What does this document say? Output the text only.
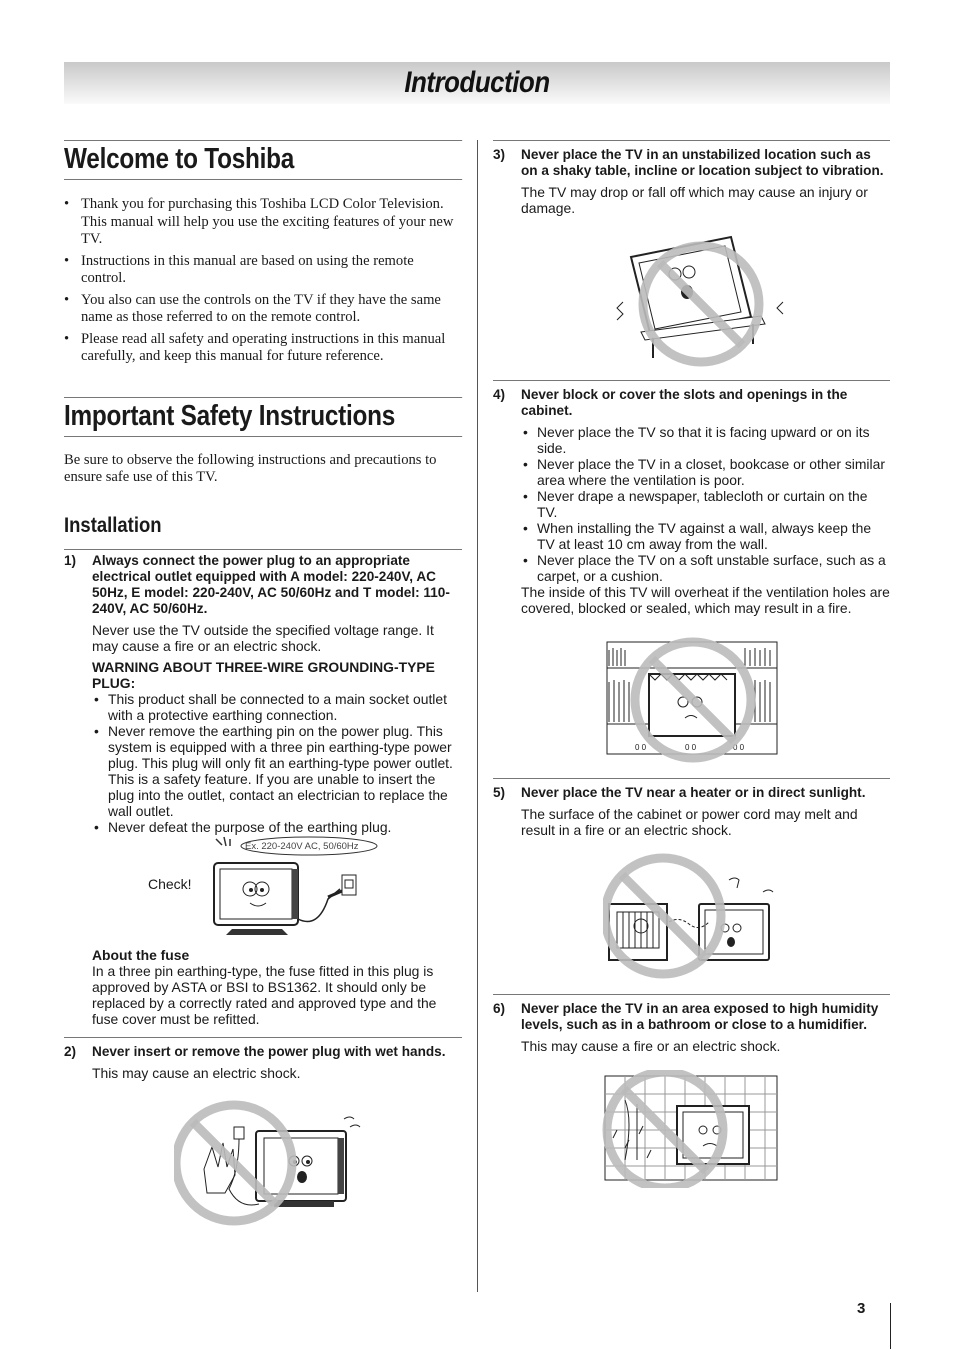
Introduction
Welcome to Toshiba
• Thank you for purchasing this Toshiba LCD Color Television. This manual will help you use the exciting features of your new TV.
• Instructions in this manual are based on using the remote control.
• You also can use the controls on the TV if they have the same name as those referred to on the remote control.
• Please read all safety and operating instructions in this manual carefully, and keep this manual for future reference.
Important Safety Instructions

Be sure to observe the following instructions and precautions to ensure safe use of this TV.

Installation
1) Always connect the power plug to an appropriate electrical outlet equipped with A model: 220-240V, AC 50Hz, E model: 220-240V, AC 50/60Hz and T model: 110-240V, AC 50/60Hz.
Never use the TV outside the specified voltage range. It may cause a fire or an electric shock.
WARNING ABOUT THREE-WIRE GROUNDING-TYPE PLUG:
• This product shall be connected to a main socket outlet with a protective earthing connection.
• Never remove the earthing pin on the power plug. This system is equipped with a three pin earthing-type power plug. This plug will only fit an earthing-type power outlet. This is a safety feature. If you are unable to insert the plug into the outlet, contact an electrician to replace the wall outlet.
• Never defeat the purpose of the earthing plug.
Check!
Ex. 220-240V AC, 50/60Hz
About the fuse
In a three pin earthing-type, the fuse fitted in this plug is approved by ASTA or BSI to BS1362. It should only be replaced by a correctly rated and approved type and the fuse cover must be refitted.
2) Never insert or remove the power plug with wet hands.
This may cause an electric shock.
3) Never place the TV in an unstabilized location such as on a shaky table, incline or location subject to vibration.
The TV may drop or fall off which may cause an injury or damage.
4) Never block or cover the slots and openings in the cabinet.
• Never place the TV so that it is facing upward or on its side.
• Never place the TV in a closet, bookcase or other similar area where the ventilation is poor.
• Never drape a newspaper, tablecloth or curtain on the TV.
• When installing the TV against a wall, always keep the TV at least 10 cm away from the wall.
• Never place the TV on a soft unstable surface, such as a carpet, or a cushion.
The inside of this TV will overheat if the ventilation holes are covered, blocked or sealed, which may result in a fire.
0 0	0 0	0 0
5) Never place the TV near a heater or in direct sunlight.
The surface of the cabinet or power cord may melt and result in a fire or an electric shock.
6) Never place the TV in an area exposed to high humidity levels, such as in a bathroom or close to a humidifier.
This may cause a fire or an electric shock.
3
